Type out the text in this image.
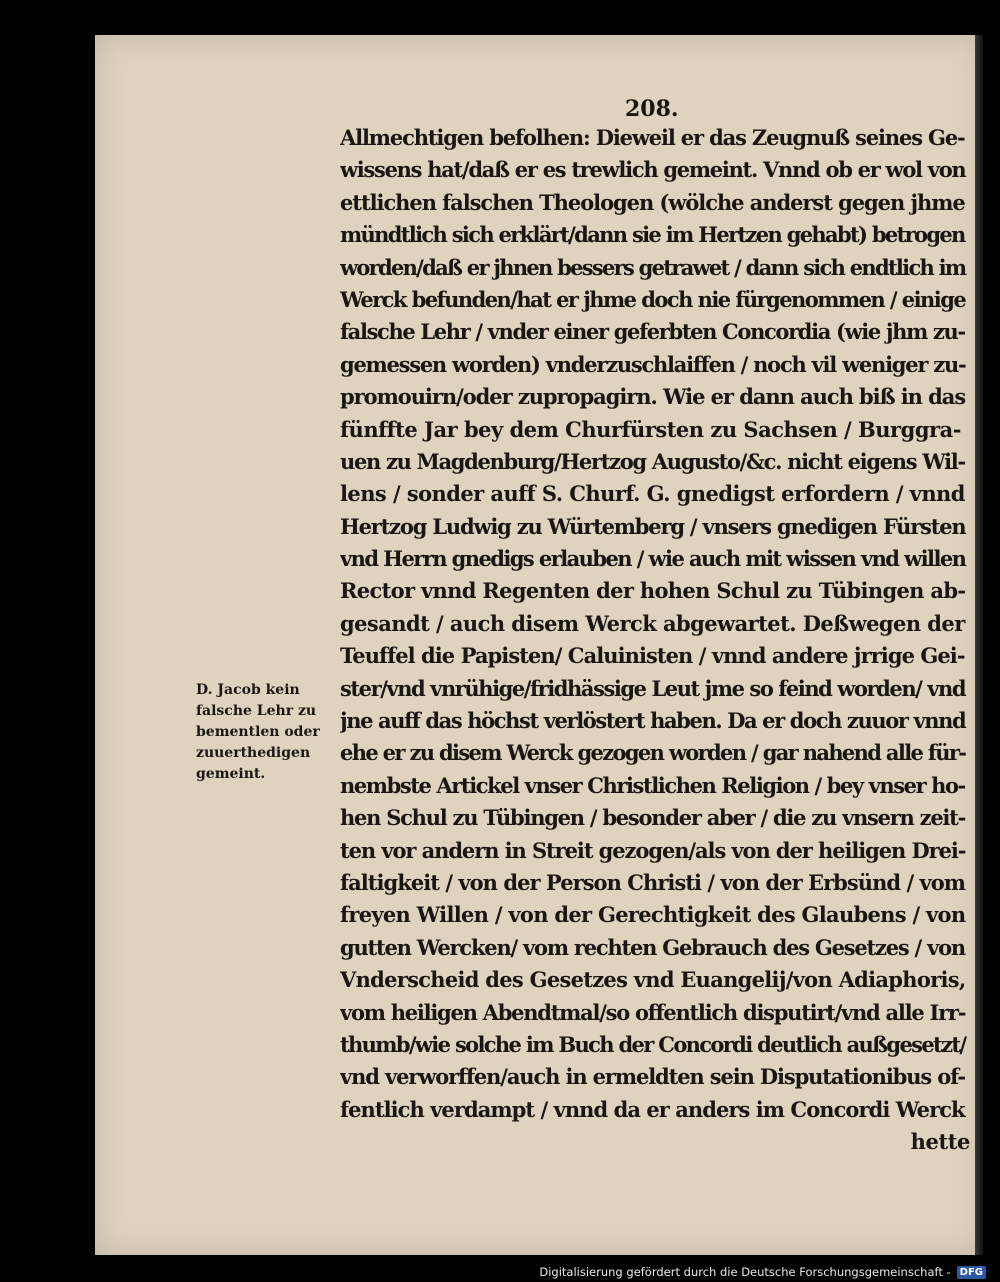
208.
Allmechtigen befolhen: Dieweil er das Zeugnuß seines Ge-
wissens hat/daß er es trewlich gemeint. Vnnd ob er wol von
ettlichen falschen Theologen (wölche anderst gegen jhme
mündtlich sich erklärt/dann sie im Hertzen gehabt) betrogen
worden/daß er jhnen bessers getrawet / dann sich endtlich im
Werck befunden/hat er jhme doch nie fürgenommen / einige
falsche Lehr / vnder einer geferbten Concordia (wie jhm zu-
gemessen worden) vnderzuschlaiffen / noch vil weniger zu-
promouirn/oder zupropagirn. Wie er dann auch biß in das
fünffte Jar bey dem Churfürsten zu Sachsen / Burggra-
uen zu Magdenburg/Hertzog Augusto/&c. nicht eigens Wil-
lens / sonder auff S. Churf. G. gnedigst erfordern / vnnd
Hertzog Ludwig zu Würtemberg / vnsers gnedigen Fürsten
vnd Herrn gnedigs erlauben / wie auch mit wissen vnd willen
Rector vnnd Regenten der hohen Schul zu Tübingen ab-
gesandt / auch disem Werck abgewartet. Deßwegen der
Teuffel die Papisten/ Caluinisten / vnnd andere jrrige Gei-
ster/vnd vnrühige/fridhässige Leut jme so feind worden/ vnd
jne auff das höchst verlöstert haben. Da er doch zuuor vnnd
ehe er zu disem Werck gezogen worden / gar nahend alle für-
nembste Artickel vnser Christlichen Religion / bey vnser ho-
hen Schul zu Tübingen / besonder aber / die zu vnsern zeit-
ten vor andern in Streit gezogen/als von der heiligen Drei-
faltigkeit / von der Person Christi / von der Erbsünd / vom
freyen Willen / von der Gerechtigkeit des Glaubens / von
gutten Wercken/ vom rechten Gebrauch des Gesetzes / von
Vnderscheid des Gesetzes vnd Euangelij/von Adiaphoris,
vom heiligen Abendtmal/so offentlich disputirt/vnd alle Irr-
thumb/wie solche im Buch der Concordi deutlich außgesetzt/
vnd verworffen/auch in ermeldten sein Disputationibus of-
fentlich verdampt / vnnd da er anders im Concordi Werck
hette
D. Jacob kein
falsche Lehr zu
bementlen oder
zuuerthedigen
gemeint.
Digitalisierung gefördert durch die Deutsche Forschungsgemeinschaft - DFG
